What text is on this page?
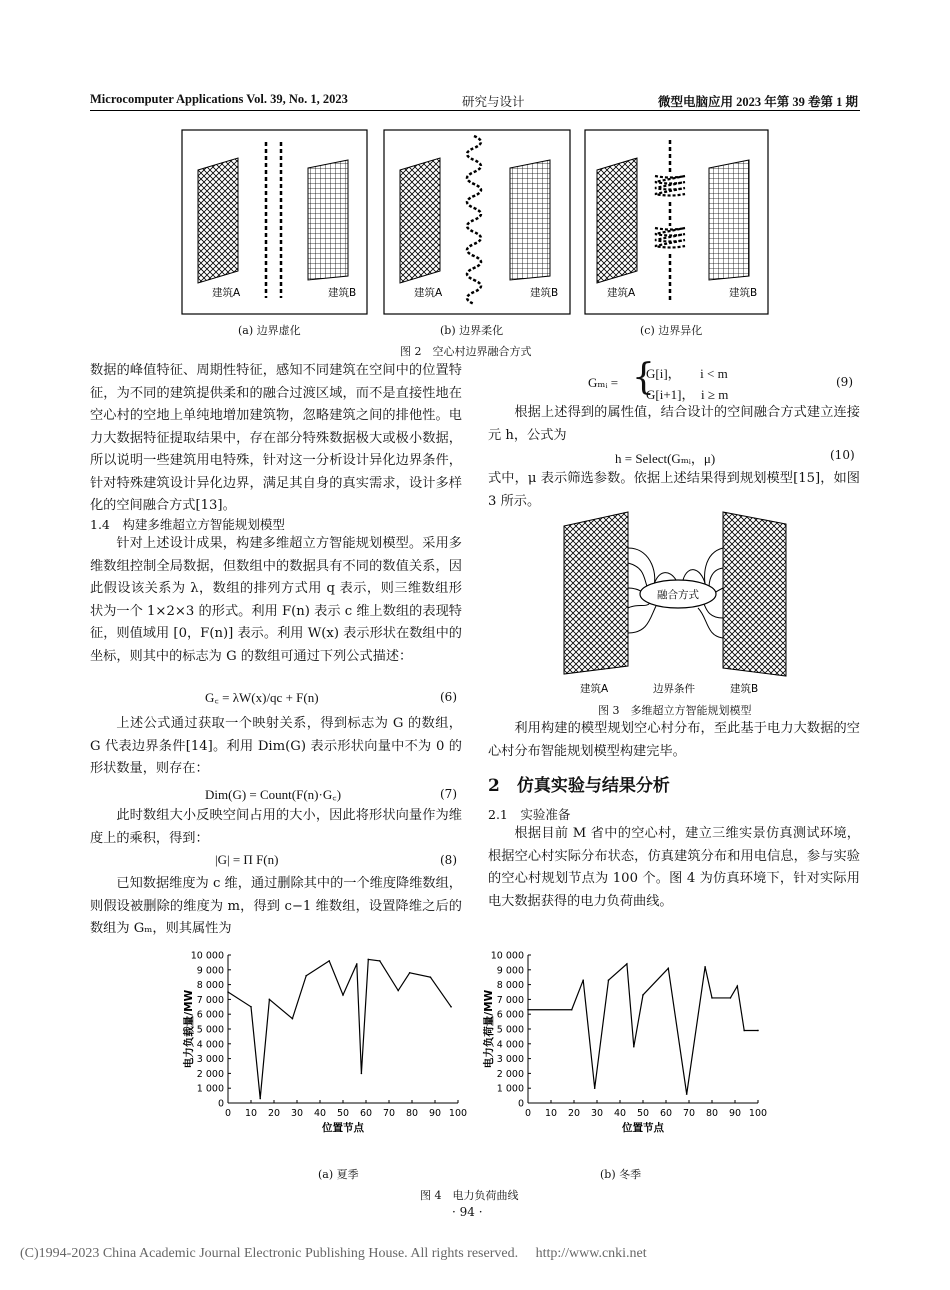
Microcomputer Applications Vol. 39, No. 1, 2023	研究与设计	微型电脑应用 2023 年第 39 卷第 1 期
建筑A	建筑B	建筑A	建筑B	建筑A	建筑B
(a) 边界虚化	(b) 边界柔化	(c) 边界异化
图 2　空心村边界融合方式
数据的峰值特征、周期性特征，感知不同建筑在空间中的位置特征，为不同的建筑提供柔和的融合过渡区域，而不是直接性地在空心村的空地上单纯地增加建筑物，忽略建筑之间的排他性。电力大数据特征提取结果中，存在部分特殊数据极大或极小数据，所以说明一些建筑用电特殊，针对这一分析设计异化边界条件，针对特殊建筑设计异化边界，满足其自身的真实需求，设计多样化的空间融合方式[13]。
1.4　构建多维超立方智能规划模型
针对上述设计成果，构建多维超立方智能规划模型。采用多维数组控制全局数据，但数组中的数据具有不同的数值关系，因此假设该关系为 λ，数组的排列方式用 q 表示，则三维数组形状为一个 1×2×3 的形式。利用 F(n) 表示 c 维上数组的表现特征，则值域用 [0，F(n)] 表示。利用 W(x) 表示形状在数组中的坐标，则其中的标志为 G 的数组可通过下列公式描述：
G꜀ = λW(x)/qc + F(n)	(6)
上述公式通过获取一个映射关系，得到标志为 G 的数组，G 代表边界条件[14]。利用 Dim(G) 表示形状向量中不为 0 的形状数量，则存在：
Dim(G) = Count(F(n)·G꜀)	(7)
此时数组大小反映空间占用的大小，因此将形状向量作为维度上的乘积，得到：
|G| = Π F(n)	(8)
已知数据维度为 c 维，通过删除其中的一个维度降维数组，则假设被删除的维度为 m，得到 c−1 维数组，设置降维之后的数组为 Gₘ，则其属性为
Gₘᵢ = {
G[i]，　　i < m
G[i+1]，　i ≥ m
(9)
根据上述得到的属性值，结合设计的空间融合方式建立连接元 h，公式为
h = Select(Gₘᵢ，μ)	(10)
式中，μ 表示筛选参数。依据上述结果得到规划模型[15]，如图 3 所示。
融合方式
建筑A	边界条件	建筑B
图 3　多维超立方智能规划模型
利用构建的模型规划空心村分布，至此基于电力大数据的空心村分布智能规划模型构建完毕。
2　仿真实验与结果分析
2.1　实验准备
根据目前 M 省中的空心村，建立三维实景仿真测试环境，根据空心村实际分布状态，仿真建筑分布和用电信息，参与实验的空心村规划节点为 100 个。图 4 为仿真环境下，针对实际用电大数据获得的电力负荷曲线。
0
1 000
2 000
3 000
4 000
5 000
6 000
7 000
8 000
9 000
10 000
0 10 20 30 40 50 60 70 80 90 100
位置节点
电力负载量/MW
0
1 000
2 000
3 000
4 000
5 000
6 000
7 000
8 000
9 000
10 000
0 10 20 30 40 50 60 70 80 90 100
位置节点
电力负荷量/MW
(a) 夏季	(b) 冬季
图 4　电力负荷曲线
· 94 ·
(C)1994-2023 China Academic Journal Electronic Publishing House. All rights reserved.　 http://www.cnki.net
